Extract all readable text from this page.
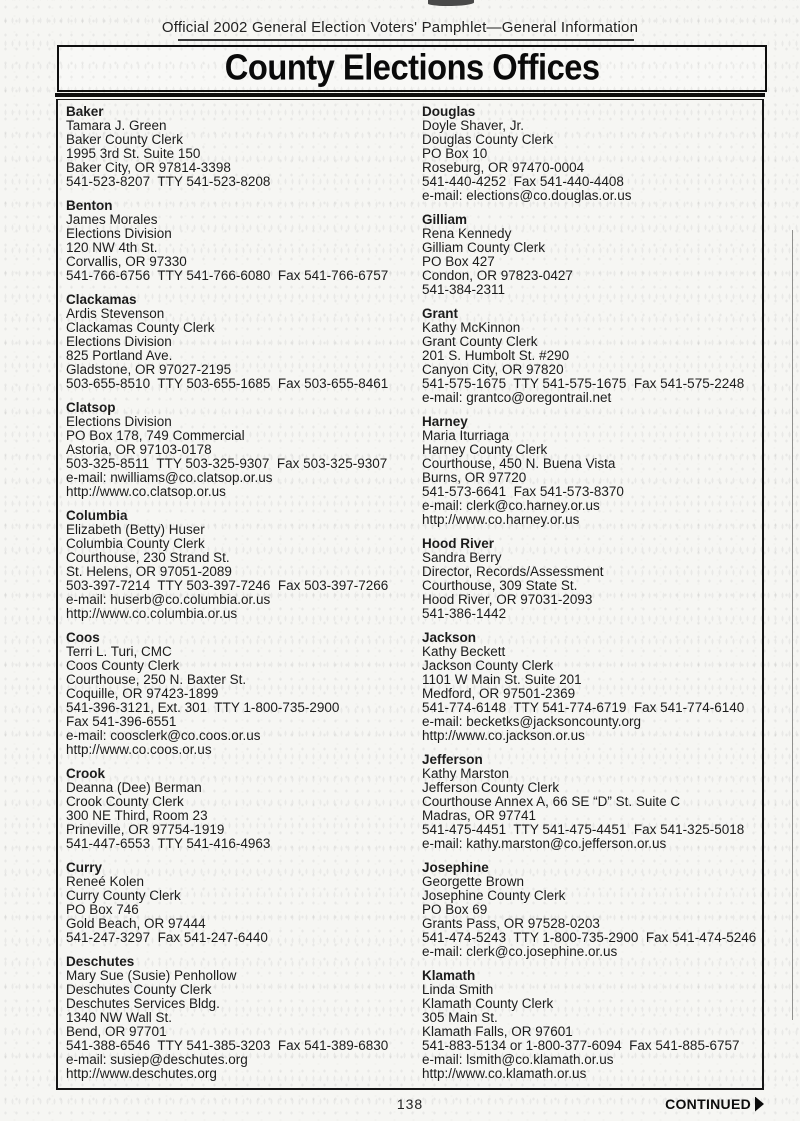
Official 2002 General Election Voters' Pamphlet—General Information
County Elections Offices
Baker
Tamara J. Green
Baker County Clerk
1995 3rd St. Suite 150
Baker City, OR 97814-3398
541-523-8207  TTY 541-523-8208
Benton
James Morales
Elections Division
120 NW 4th St.
Corvallis, OR 97330
541-766-6756  TTY 541-766-6080  Fax 541-766-6757
Clackamas
Ardis Stevenson
Clackamas County Clerk
Elections Division
825 Portland Ave.
Gladstone, OR 97027-2195
503-655-8510  TTY 503-655-1685  Fax 503-655-8461
Clatsop
Elections Division
PO Box 178, 749 Commercial
Astoria, OR 97103-0178
503-325-8511  TTY 503-325-9307  Fax 503-325-9307
e-mail: nwilliams@co.clatsop.or.us
http://www.co.clatsop.or.us
Columbia
Elizabeth (Betty) Huser
Columbia County Clerk
Courthouse, 230 Strand St.
St. Helens, OR 97051-2089
503-397-7214  TTY 503-397-7246  Fax 503-397-7266
e-mail: huserb@co.columbia.or.us
http://www.co.columbia.or.us
Coos
Terri L. Turi, CMC
Coos County Clerk
Courthouse, 250 N. Baxter St.
Coquille, OR 97423-1899
541-396-3121, Ext. 301  TTY 1-800-735-2900
Fax 541-396-6551
e-mail: coosclerk@co.coos.or.us
http://www.co.coos.or.us
Crook
Deanna (Dee) Berman
Crook County Clerk
300 NE Third, Room 23
Prineville, OR 97754-1919
541-447-6553  TTY 541-416-4963
Curry
Reneé Kolen
Curry County Clerk
PO Box 746
Gold Beach, OR 97444
541-247-3297  Fax 541-247-6440
Deschutes
Mary Sue (Susie) Penhollow
Deschutes County Clerk
Deschutes Services Bldg.
1340 NW Wall St.
Bend, OR 97701
541-388-6546  TTY 541-385-3203  Fax 541-389-6830
e-mail: susiep@deschutes.org
http://www.deschutes.org
Douglas
Doyle Shaver, Jr.
Douglas County Clerk
PO Box 10
Roseburg, OR 97470-0004
541-440-4252  Fax 541-440-4408
e-mail: elections@co.douglas.or.us
Gilliam
Rena Kennedy
Gilliam County Clerk
PO Box 427
Condon, OR 97823-0427
541-384-2311
Grant
Kathy McKinnon
Grant County Clerk
201 S. Humbolt St. #290
Canyon City, OR 97820
541-575-1675  TTY 541-575-1675  Fax 541-575-2248
e-mail: grantco@oregontrail.net
Harney
Maria Iturriaga
Harney County Clerk
Courthouse, 450 N. Buena Vista
Burns, OR 97720
541-573-6641  Fax 541-573-8370
e-mail: clerk@co.harney.or.us
http://www.co.harney.or.us
Hood River
Sandra Berry
Director, Records/Assessment
Courthouse, 309 State St.
Hood River, OR 97031-2093
541-386-1442
Jackson
Kathy Beckett
Jackson County Clerk
1101 W Main St. Suite 201
Medford, OR 97501-2369
541-774-6148  TTY 541-774-6719  Fax 541-774-6140
e-mail: becketks@jacksoncounty.org
http://www.co.jackson.or.us
Jefferson
Kathy Marston
Jefferson County Clerk
Courthouse Annex A, 66 SE “D” St. Suite C
Madras, OR 97741
541-475-4451  TTY 541-475-4451  Fax 541-325-5018
e-mail: kathy.marston@co.jefferson.or.us
Josephine
Georgette Brown
Josephine County Clerk
PO Box 69
Grants Pass, OR 97528-0203
541-474-5243  TTY 1-800-735-2900  Fax 541-474-5246
e-mail: clerk@co.josephine.or.us
Klamath
Linda Smith
Klamath County Clerk
305 Main St.
Klamath Falls, OR 97601
541-883-5134 or 1-800-377-6094  Fax 541-885-6757
e-mail: lsmith@co.klamath.or.us
http://www.co.klamath.or.us
138	CONTINUED
